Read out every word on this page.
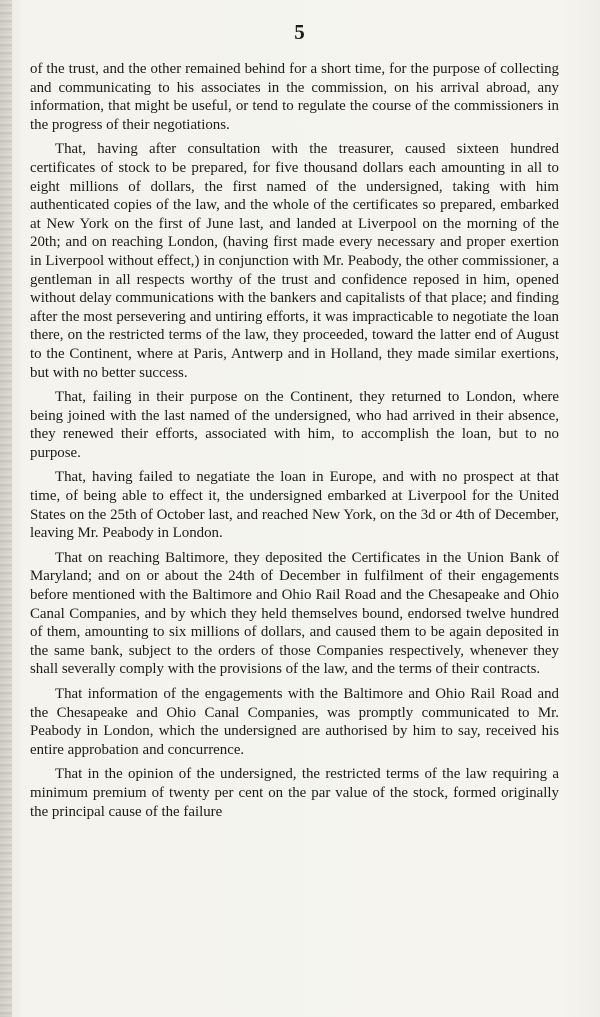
5

of the trust, and the other remained behind for a short time, for the purpose of collecting and communicating to his associates in the commission, on his arrival abroad, any information, that might be useful, or tend to regulate the course of the commissioners in the progress of their negotiations.

That, having after consultation with the treasurer, caused sixteen hundred certificates of stock to be prepared, for five thousand dollars each amounting in all to eight millions of dollars, the first named of the undersigned, taking with him authenticated copies of the law, and the whole of the certificates so prepared, embarked at New York on the first of June last, and landed at Liverpool on the morning of the 20th; and on reaching London, (having first made every necessary and proper exertion in Liverpool without effect,) in conjunction with Mr. Peabody, the other commissioner, a gentleman in all respects worthy of the trust and confidence reposed in him, opened without delay communications with the bankers and capitalists of that place; and finding after the most persevering and untiring efforts, it was impracticable to negotiate the loan there, on the restricted terms of the law, they proceeded, toward the latter end of August to the Continent, where at Paris, Antwerp and in Holland, they made similar exertions, but with no better success.

That, failing in their purpose on the Continent, they returned to London, where being joined with the last named of the undersigned, who had arrived in their absence, they renewed their efforts, associated with him, to accomplish the loan, but to no purpose.

That, having failed to negatiate the loan in Europe, and with no prospect at that time, of being able to effect it, the undersigned embarked at Liverpool for the United States on the 25th of October last, and reached New York, on the 3d or 4th of December, leaving Mr. Peabody in London.

That on reaching Baltimore, they deposited the Certificates in the Union Bank of Maryland; and on or about the 24th of December in fulfilment of their engagements before mentioned with the Baltimore and Ohio Rail Road and the Chesapeake and Ohio Canal Companies, and by which they held themselves bound, endorsed twelve hundred of them, amounting to six millions of dollars, and caused them to be again deposited in the same bank, subject to the orders of those Companies respectively, whenever they shall severally comply with the provisions of the law, and the terms of their contracts.

That information of the engagements with the Baltimore and Ohio Rail Road and the Chesapeake and Ohio Canal Companies, was promptly communicated to Mr. Peabody in London, which the undersigned are authorised by him to say, received his entire approbation and concurrence.

That in the opinion of the undersigned, the restricted terms of the law requiring a minimum premium of twenty per cent on the par value of the stock, formed originally the principal cause of the failure
